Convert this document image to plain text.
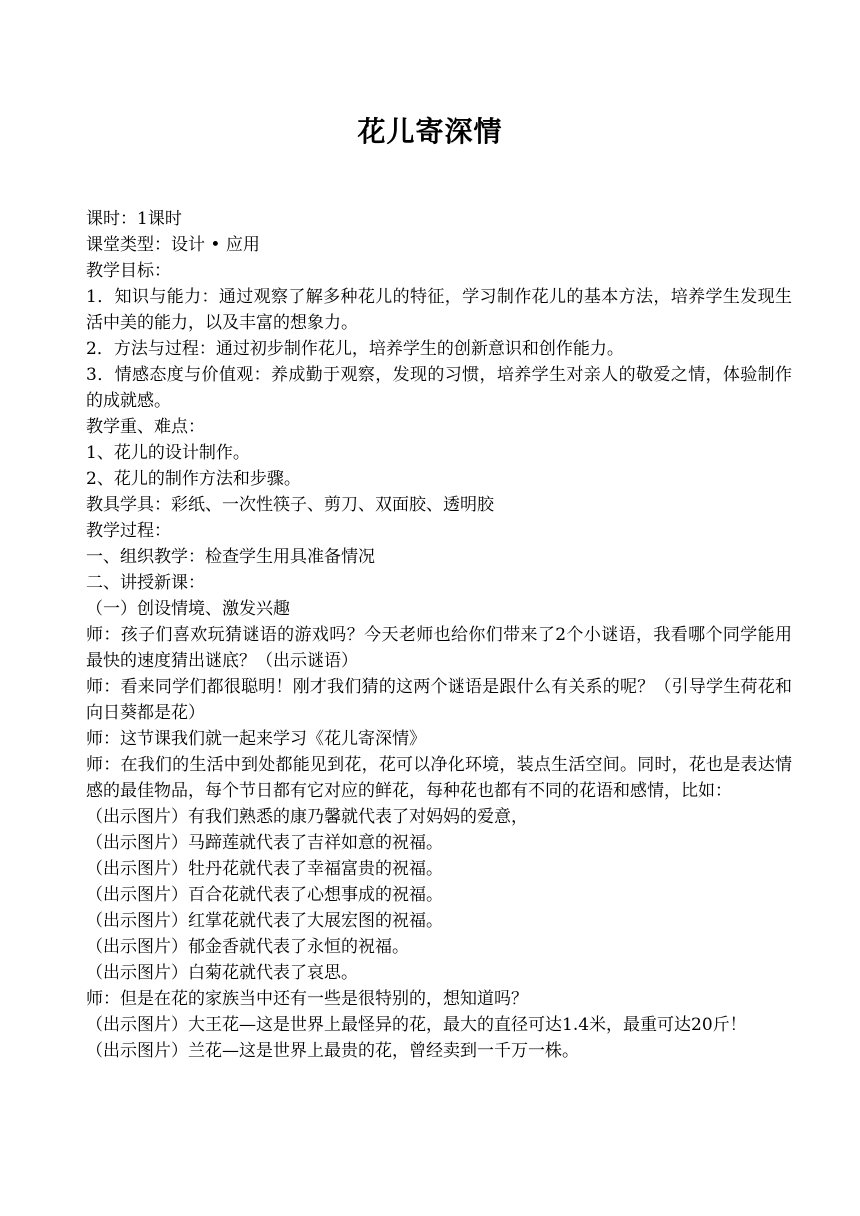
花儿寄深情

课时：1课时

课堂类型：设计 • 应用

教学目标：

1．知识与能力：通过观察了解多种花儿的特征，学习制作花儿的基本方法，培养学生发现生活中美的能力，以及丰富的想象力。

2．方法与过程：通过初步制作花儿，培养学生的创新意识和创作能力。

3．情感态度与价值观：养成勤于观察，发现的习惯，培养学生对亲人的敬爱之情，体验制作的成就感。

教学重、难点：

1、花儿的设计制作。

2、花儿的制作方法和步骤。

教具学具：彩纸、一次性筷子、剪刀、双面胶、透明胶

教学过程：

一、组织教学：检查学生用具准备情况

二、讲授新课：

（一）创设情境、激发兴趣

师：孩子们喜欢玩猜谜语的游戏吗？今天老师也给你们带来了2个小谜语，我看哪个同学能用最快的速度猜出谜底？（出示谜语）

师：看来同学们都很聪明！刚才我们猜的这两个谜语是跟什么有关系的呢？（引导学生荷花和向日葵都是花）

师：这节课我们就一起来学习《花儿寄深情》

师：在我们的生活中到处都能见到花，花可以净化环境，装点生活空间。同时，花也是表达情感的最佳物品，每个节日都有它对应的鲜花，每种花也都有不同的花语和感情，比如：

（出示图片）有我们熟悉的康乃馨就代表了对妈妈的爱意，

（出示图片）马蹄莲就代表了吉祥如意的祝福。

（出示图片）牡丹花就代表了幸福富贵的祝福。

（出示图片）百合花就代表了心想事成的祝福。

（出示图片）红掌花就代表了大展宏图的祝福。

（出示图片）郁金香就代表了永恒的祝福。

（出示图片）白菊花就代表了哀思。

师：但是在花的家族当中还有一些是很特别的，想知道吗？

（出示图片）大王花—这是世界上最怪异的花，最大的直径可达1.4米，最重可达20斤！

（出示图片）兰花—这是世界上最贵的花，曾经卖到一千万一株。
